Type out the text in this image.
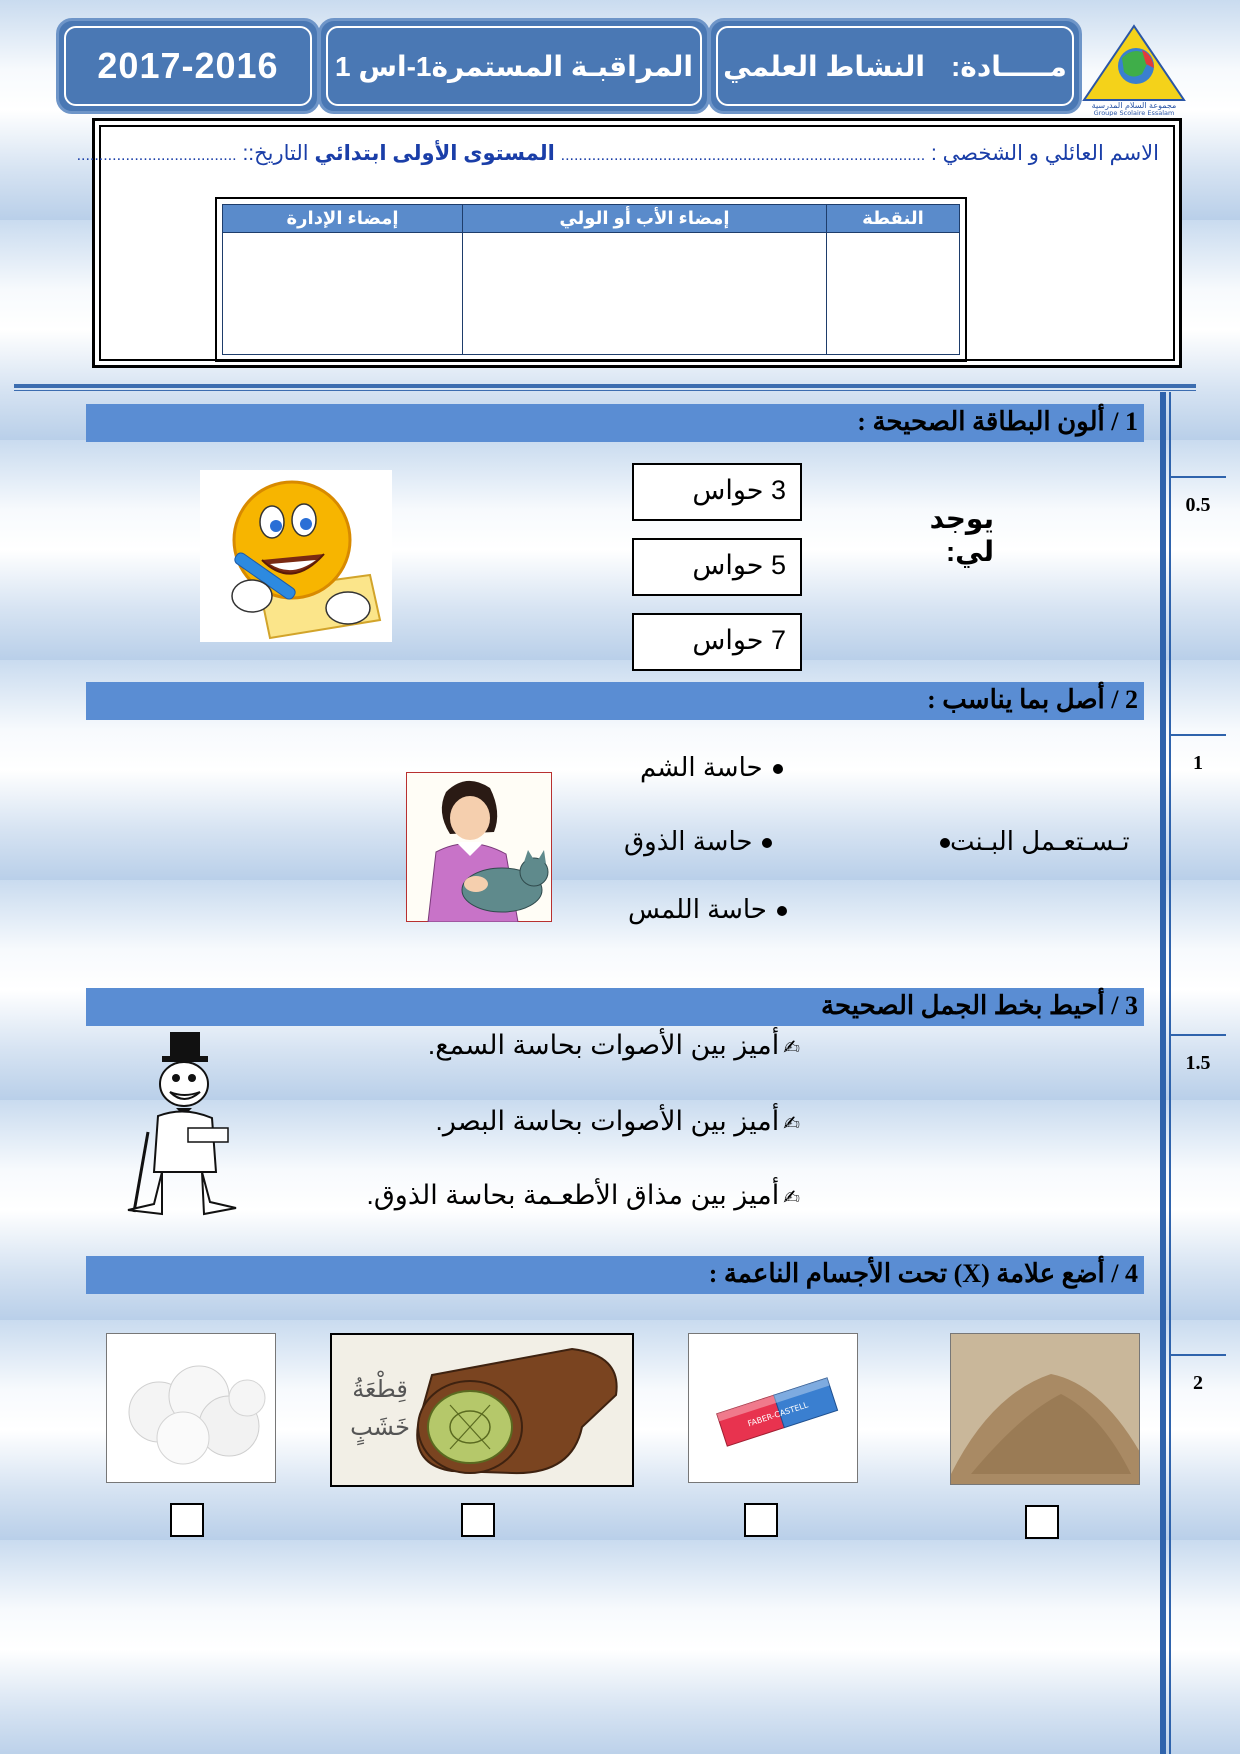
2017-2016	المراقبـة المستمرة1-اس 1	مـــــادة:
النشاط العلمي
مجموعة السلام المدرسية
Groupe Scolaire Essalam
الاسم العائلي و الشخصي : .................................................................................. المستوى الأولى ابتدائي التاريخ:: ....................................
النقطة	إمضاء الأب أو الولي	إمضاء الإدارة

0.5
1
1.5
2
1 / ألون البطاقة الصحيحة :
يوجد لي:
3 حواس
5 حواس
7 حواس
2 / أصل بما يناسب :
تـسـتعـمل البـنت
حاسة الشم
حاسة الذوق
حاسة اللمس
3 / أحيط بخط الجمل الصحيحة
✍أميز بين الأصوات بحاسة السمع.
✍أميز بين الأصوات بحاسة البصر.
✍أميز بين مذاق الأطعـمة بحاسة الذوق.
4 / أضع علامة (X) تحت الأجسام الناعمة :
قِطْعَةُ
خَشَبٍ	FABER-CASTELL
